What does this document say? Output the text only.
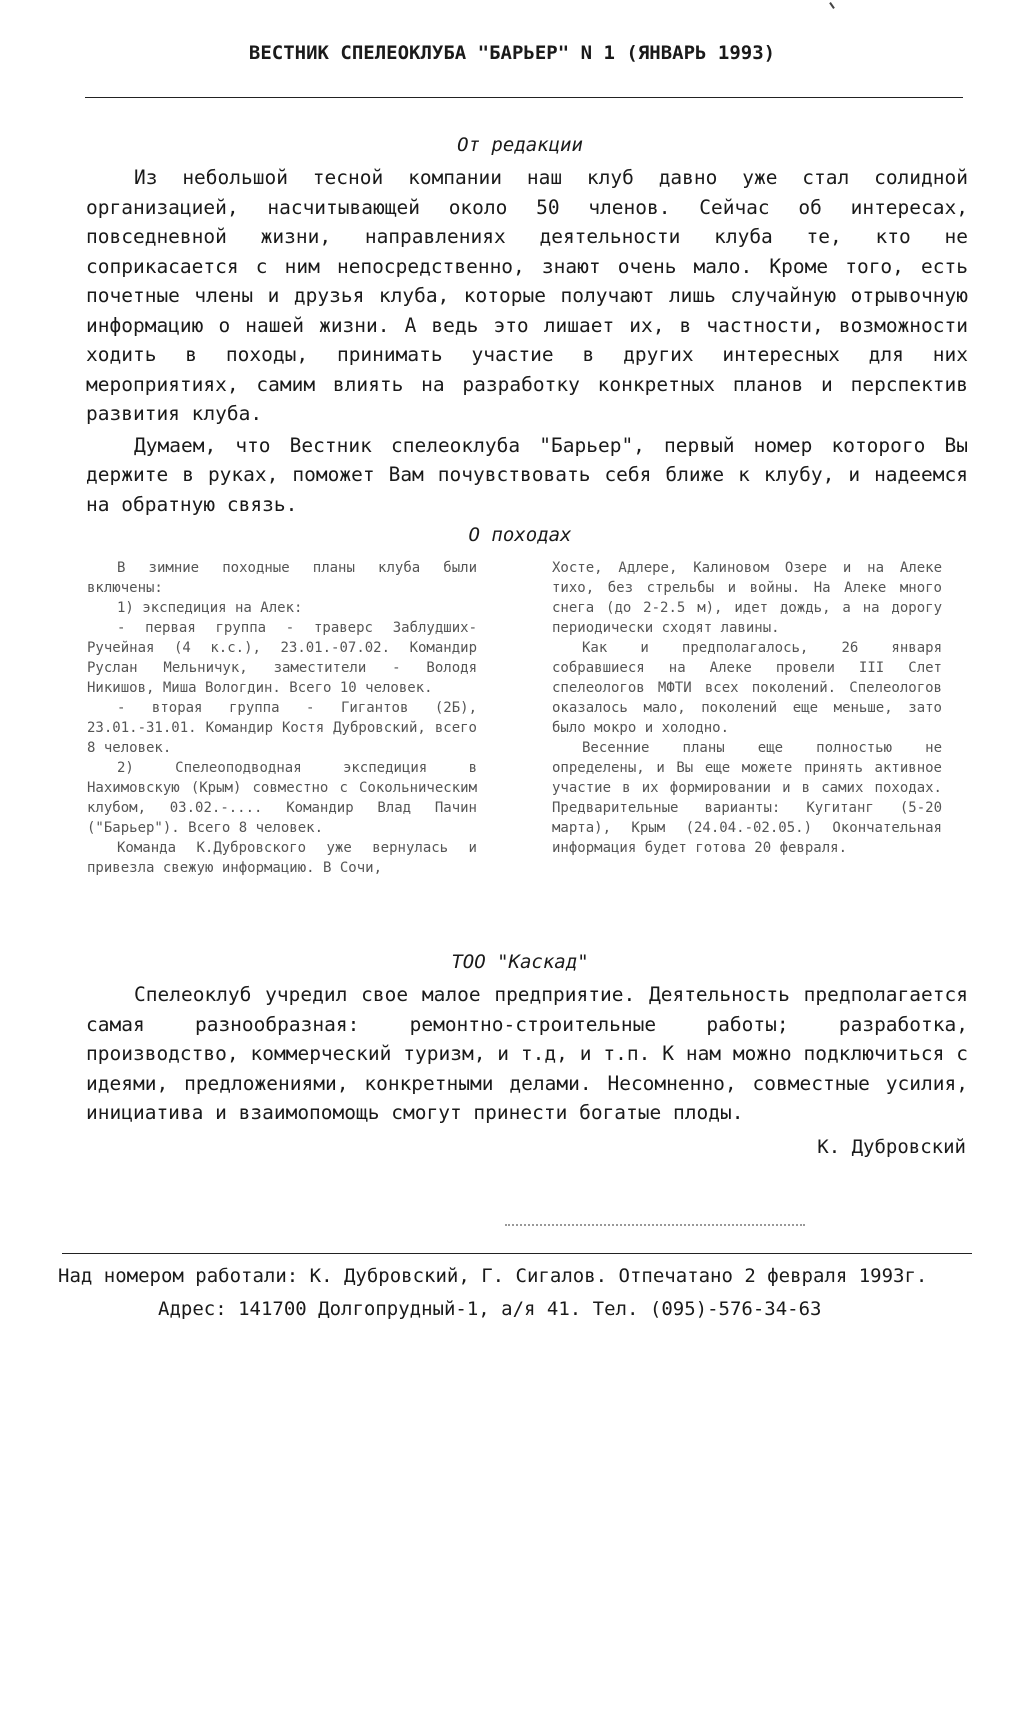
ВЕСТНИК СПЕЛЕОКЛУБА "БАРЬЕР" N 1 (ЯНВАРЬ 1993)
От редакции

Из небольшой тесной компании наш клуб давно уже стал солидной организацией, насчитывающей около 50 членов. Сейчас об интересах, повседневной жизни, направлениях деятельности клуба те, кто не соприкасается с ним непосредственно, знают очень мало. Кроме того, есть почетные члены и друзья клуба, которые получают лишь случайную отрывочную информацию о нашей жизни. А ведь это лишает их, в частности, возможности ходить в походы, принимать участие в других интересных для них мероприятиях, самим влиять на разработку конкретных планов и перспектив развития клуба.

Думаем, что Вестник спелеоклуба "Барьер", первый номер которого Вы держите в руках, поможет Вам почувствовать себя ближе к клубу, и надеемся на обратную связь.

О походах

В зимние походные планы клуба были включены:

1) экспедиция на Алек:

- первая группа - траверс Заблудших-Ручейная (4 к.с.), 23.01.-07.02. Командир Руслан Мельничук, заместители - Володя Никишов, Миша Вологдин. Всего 10 человек.

- вторая группа - Гигантов (2Б), 23.01.-31.01. Командир Костя Дубровский, всего 8 человек.

2) Спелеоподводная экспедиция в Нахимовскую (Крым) совместно с Сокольническим клубом, 03.02.-.... Командир Влад Пачин ("Барьер"). Всего 8 человек.

Команда К.Дубровского уже вернулась и привезла свежую информацию. В Сочи,

Хосте, Адлере, Калиновом Озере и на Алеке тихо, без стрельбы и войны. На Алеке много снега (до 2-2.5 м), идет дождь, а на дорогу периодически сходят лавины.

Как и предполагалось, 26 января собравшиеся на Алеке провели III Слет спелеологов МФТИ всех поколений. Спелеологов оказалось мало, поколений еще меньше, зато было мокро и холодно.

Весенние планы еще полностью не определены, и Вы еще можете принять активное участие в их формировании и в самих походах. Предварительные варианты: Кугитанг (5-20 марта), Крым (24.04.-02.05.) Окончательная информация будет готова 20 февраля.

ТОО "Каскад"

Спелеоклуб учредил свое малое предприятие. Деятельность предполагается самая разнообразная: ремонтно-строительные работы; разработка, производство, коммерческий туризм, и т.д, и т.п. К нам можно подключиться с идеями, предложениями, конкретными делами. Несомненно, совместные усилия, инициатива и взаимопомощь смогут принести богатые плоды.

К. Дубровский
Над номером работали: К. Дубровский, Г. Сигалов. Отпечатано 2 февраля 1993г.
Адрес: 141700 Долгопрудный-1, а/я 41. Тел. (095)-576-34-63
